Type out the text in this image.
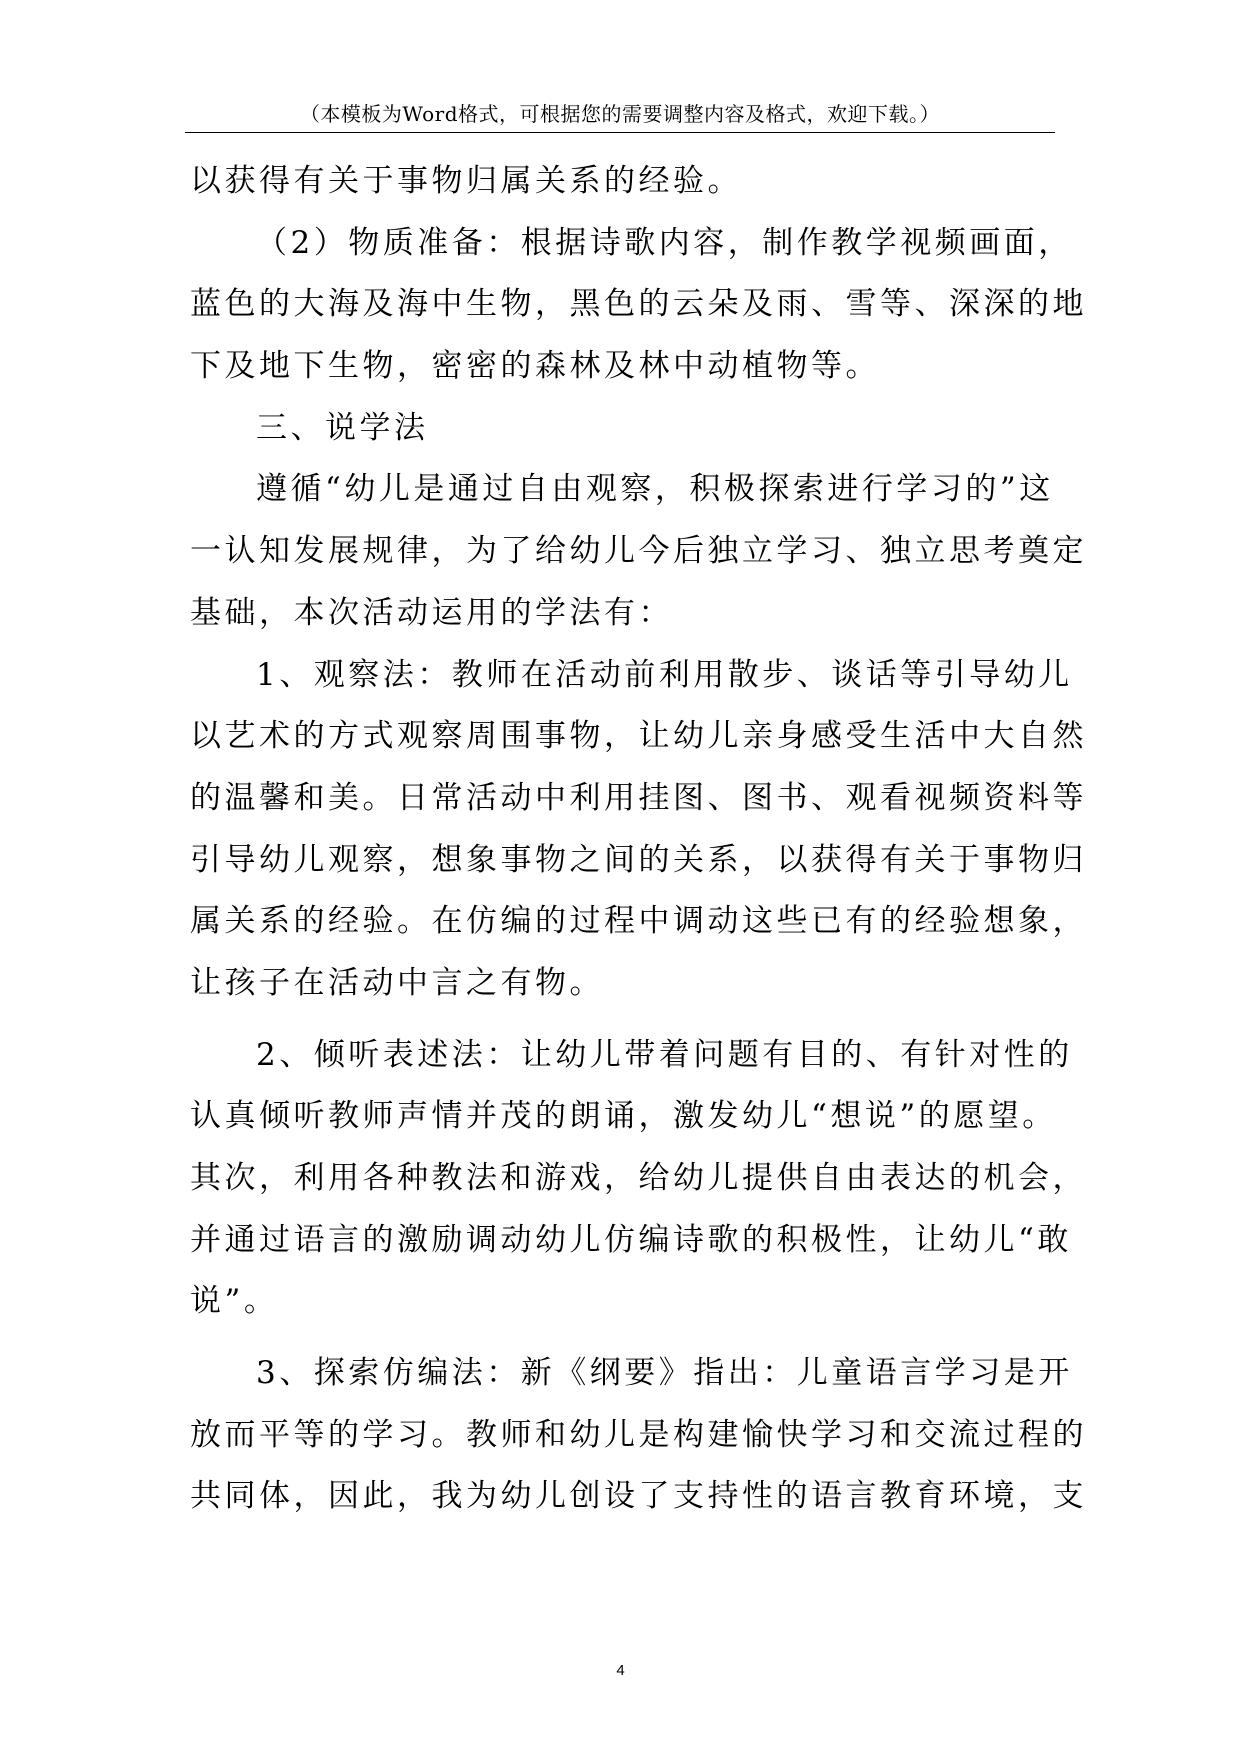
（本模板为Word格式，可根据您的需要调整内容及格式，欢迎下载。）
以获得有关于事物归属关系的经验。
（2）物质准备：根据诗歌内容，制作教学视频画面，
蓝色的大海及海中生物，黑色的云朵及雨、雪等、深深的地
下及地下生物，密密的森林及林中动植物等。
三、说学法
遵循“幼儿是通过自由观察，积极探索进行学习的”这
一认知发展规律，为了给幼儿今后独立学习、独立思考奠定
基础，本次活动运用的学法有：
1、观察法：教师在活动前利用散步、谈话等引导幼儿
以艺术的方式观察周围事物，让幼儿亲身感受生活中大自然
的温馨和美。日常活动中利用挂图、图书、观看视频资料等
引导幼儿观察，想象事物之间的关系，以获得有关于事物归
属关系的经验。在仿编的过程中调动这些已有的经验想象，
让孩子在活动中言之有物。
2、倾听表述法：让幼儿带着问题有目的、有针对性的
认真倾听教师声情并茂的朗诵，激发幼儿“想说”的愿望。
其次，利用各种教法和游戏，给幼儿提供自由表达的机会，
并通过语言的激励调动幼儿仿编诗歌的积极性，让幼儿“敢
说”。
3、探索仿编法：新《纲要》指出：儿童语言学习是开
放而平等的学习。教师和幼儿是构建愉快学习和交流过程的
共同体，因此，我为幼儿创设了支持性的语言教育环境，支
4
